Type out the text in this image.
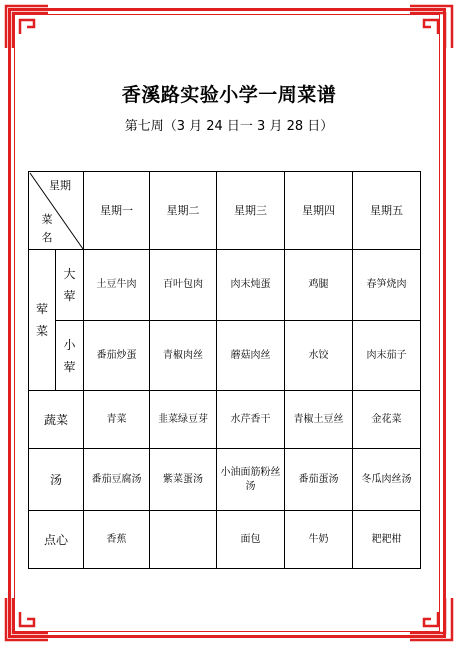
香溪路实验小学一周菜谱
第七周（3 月 24 日一 3 月 28 日）
星期
菜名		星期一	星期二	星期三	星期四	星期五
荤菜	大荤	土豆牛肉	百叶包肉	肉末炖蛋	鸡腿	春笋烧肉
	小荤	番茄炒蛋	青椒肉丝	蘑菇肉丝	水饺	肉末茄子
蔬菜		青菜	韭菜绿豆芽	水芹香干	青椒土豆丝	金花菜
汤		番茄豆腐汤	紫菜蛋汤	小油面筋粉丝汤	番茄蛋汤	冬瓜肉丝汤
点心		香蕉		面包	牛奶	耙耙柑
